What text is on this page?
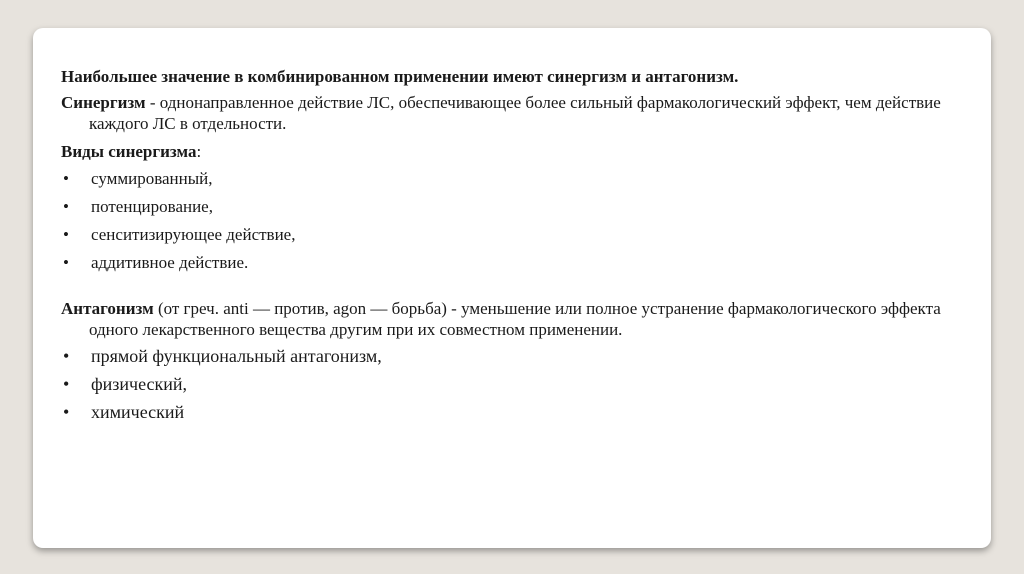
Наибольшее значение в комбинированном применении имеют синергизм и антагонизм.

Синергизм - однонаправленное действие ЛС, обеспечивающее более сильный фармакологический эффект, чем действие каждого ЛС в отдельности.

Виды синергизма:

• суммированный,
• потенцирование,
• сенситизирующее действие,
• аддитивное действие.

Антагонизм (от греч. anti — против, agon — борьба) - уменьшение или полное устранение фармакологического эффекта одного лекарственного вещества другим при их совместном применении.

• прямой функциональный антагонизм,
• физический,
• химический
